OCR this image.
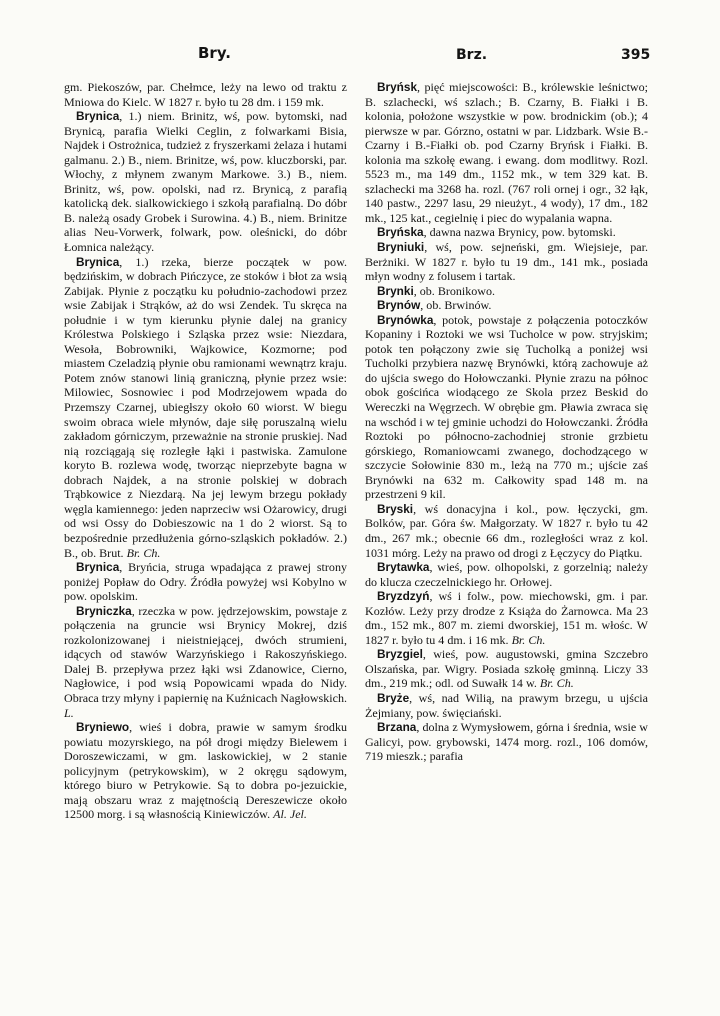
Bry.	Brz.	395

gm. Piekoszów, par. Chełmce, leży na lewo od traktu z Mniowa do Kielc. W 1827 r. było tu 28 dm. i 159 mk.

Brynica, 1.) niem. Brinitz, wś, pow. bytomski, nad Brynicą, parafia Wielki Ceglin, z folwarkami Bisia, Najdek i Ostrożnica, tudzież z fryszerkami żelaza i hutami galmanu. 2.) B., niem. Brinitze, wś, pow. kluczborski, par. Włochy, z młynem zwanym Markowe. 3.) B., niem. Brinitz, wś, pow. opolski, nad rz. Brynicą, z parafią katolicką dek. sialkowickiego i szkołą parafialną. Do dóbr B. należą osady Grobek i Surowina. 4.) B., niem. Brinitze alias Neu-Vorwerk, folwark, pow. oleśnicki, do dóbr Łomnica należący.

Brynica, 1.) rzeka, bierze początek w pow. będzińskim, w dobrach Pińczyce, ze stoków i błot za wsią Zabijak. Płynie z początku ku południo-zachodowi przez wsie Zabijak i Strąków, aż do wsi Zendek. Tu skręca na południe i w tym kierunku płynie dalej na granicy Królestwa Polskiego i Szląska przez wsie: Niezdara, Wesoła, Bobrowniki, Wajkowice, Kozmorne; pod miastem Czeladzią płynie obu ramionami wewnątrz kraju. Potem znów stanowi linią graniczną, płynie przez wsie: Milowiec, Sosnowiec i pod Modrzejowem wpada do Przemszy Czarnej, ubiegłszy około 60 wiorst. W biegu swoim obraca wiele młynów, daje siłę poruszalną wielu zakładom górniczym, przeważnie na stronie pruskiej. Nad nią rozciągają się rozległe łąki i pastwiska. Zamulone koryto B. rozlewa wodę, tworząc nieprzebyte bagna w dobrach Najdek, a na stronie polskiej w dobrach Trąbkowice z Niezdarą. Na jej lewym brzegu pokłady węgla kamiennego: jeden naprzeciw wsi Ożarowicy, drugi od wsi Ossy do Dobieszowic na 1 do 2 wiorst. Są to bezpośrednie przedłużenia górno-szląskich pokładów. 2.) B., ob. Brut. Br. Ch.

Brynica, Bryńcia, struga wpadająca z prawej strony poniżej Popław do Odry. Źródła powyżej wsi Kobylno w pow. opolskim.

Bryniczka, rzeczka w pow. jędrzejowskim, powstaje z połączenia na gruncie wsi Brynicy Mokrej, dziś rozkolonizowanej i nieistniejącej, dwóch strumieni, idących od stawów Warzyńskiego i Rakoszyńskiego. Dalej B. przepływa przez łąki wsi Zdanowice, Cierno, Nagłowice, i pod wsią Popowicami wpada do Nidy. Obraca trzy młyny i papiernię na Kuźnicach Nagłowskich. L.

Bryniewo, wieś i dobra, prawie w samym środku powiatu mozyrskiego, na pół drogi między Bielewem i Doroszewiczami, w gm. laskowickiej, w 2 stanie policyjnym (petrykowskim), w 2 okręgu sądowym, którego biuro w Petrykowie. Są to dobra po-jezuickie, mają obszaru wraz z majętnością Dereszewicze około 12500 morg. i są własnością Kiniewiczów. Al. Jel.

Bryńsk, pięć miejscowości: B., królewskie leśnictwo; B. szlachecki, wś szlach.; B. Czarny, B. Fiałki i B. kolonia, położone wszystkie w pow. brodnickim (ob.); 4 pierwsze w par. Górzno, ostatni w par. Lidzbark. Wsie B.-Czarny i B.-Fiałki ob. pod Czarny Bryńsk i Fiałki. B. kolonia ma szkołę ewang. i ewang. dom modlitwy. Rozl. 5523 m., ma 149 dm., 1152 mk., w tem 329 kat. B. szlachecki ma 3268 ha. rozl. (767 roli ornej i ogr., 32 łąk, 140 pastw., 2297 lasu, 29 nieużyt., 4 wody), 17 dm., 182 mk., 125 kat., cegielnię i piec do wypalania wapna.

Bryńska, dawna nazwa Brynicy, pow. bytomski.

Bryniuki, wś, pow. sejneński, gm. Wiejsieje, par. Berżniki. W 1827 r. było tu 19 dm., 141 mk., posiada młyn wodny z folusem i tartak.

Brynki, ob. Bronikowo.

Brynów, ob. Brwinów.

Brynówka, potok, powstaje z połączenia potoczków Kopaniny i Roztoki we wsi Tucholce w pow. stryjskim; potok ten połączony zwie się Tucholką a poniżej wsi Tucholki przybiera nazwę Brynówki, którą zachowuje aż do ujścia swego do Hołowczanki. Płynie zrazu na północ obok gościńca wiodącego ze Skola przez Beskid do Wereczki na Węgrzech. W obrębie gm. Pławia zwraca się na wschód i w tej gminie uchodzi do Hołowczanki. Źródła Roztoki po północno-zachodniej stronie grzbietu górskiego, Romaniowcami zwanego, dochodzącego w szczycie Sołowinie 830 m., leżą na 770 m.; ujście zaś Brynówki na 632 m. Całkowity spad 148 m. na przestrzeni 9 kil.

Bryski, wś donacyjna i kol., pow. łęczycki, gm. Bolków, par. Góra św. Małgorzaty. W 1827 r. było tu 42 dm., 267 mk.; obecnie 66 dm., rozległości wraz z kol. 1031 mórg. Leży na prawo od drogi z Łęczycy do Piątku.

Brytawka, wieś, pow. olhopolski, z gorzelnią; należy do klucza czeczelnickiego hr. Orłowej.

Bryzdzyń, wś i folw., pow. miechowski, gm. i par. Kozłów. Leży przy drodze z Książa do Żarnowca. Ma 23 dm., 152 mk., 807 m. ziemi dworskiej, 151 m. włośc. W 1827 r. było tu 4 dm. i 16 mk. Br. Ch.

Bryzgiel, wieś, pow. augustowski, gmina Szczebro Olszańska, par. Wigry. Posiada szkołę gminną. Liczy 33 dm., 219 mk.; odl. od Suwałk 14 w. Br. Ch.

Bryże, wś, nad Wilią, na prawym brzegu, u ujścia Żejmiany, pow. święciański.

Brzana, dolna z Wymysłowem, górna i średnia, wsie w Galicyi, pow. grybowski, 1474 morg. rozl., 106 domów, 719 mieszk.; parafia
